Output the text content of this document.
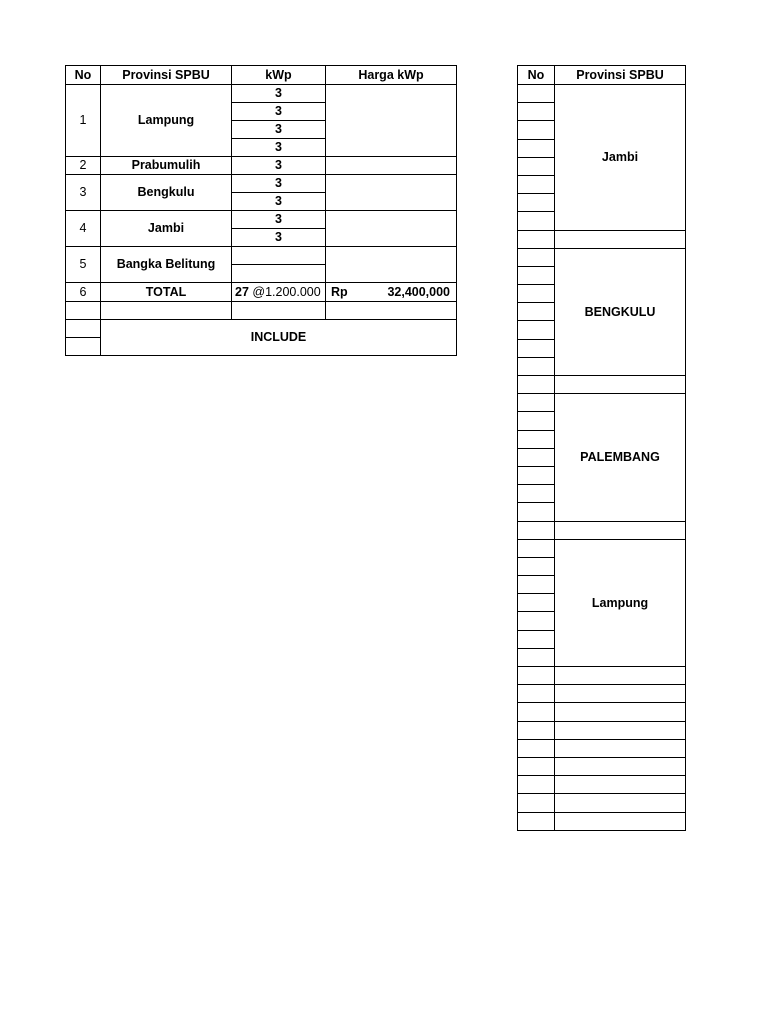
No	Provinsi SPBU	kWp	Harga kWp
1	Lampung	3	
		3	
		3	
		3	
2	Prabumulih	3	
3	Bengkulu	3	
		3	
4	Jambi	3	
		3	
5	Bangka Belitung		

6	TOTAL	27 @1.200.000	Rp 32,400,000

	INCLUDE		

No	Provinsi SPBU
	Jambi

	BENGKULU

	PALEMBANG

	Lampung
